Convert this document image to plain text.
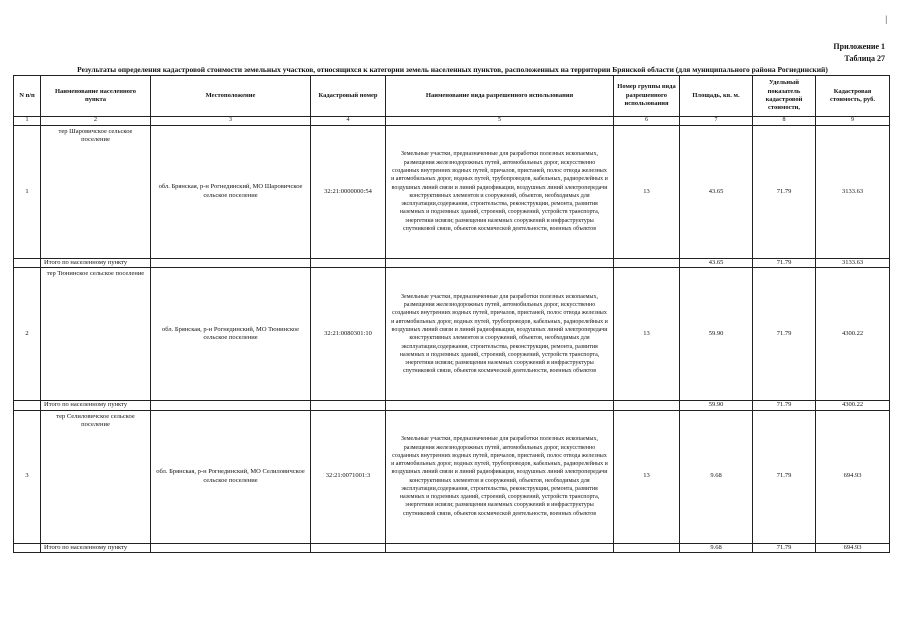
|
Приложение 1
Таблица 27
Результаты определения кадастровой стоимости земельных участков, относящихся к категории земель населенных пунктов, расположенных на территории Брянской области (для муниципального района Рогнединский)
N п/п	Наименование населенного пункта	Местоположение	Кадастровый номер	Наименование вида разрешенного использования	Номер группы вида разрешенного использования	Площадь, кв. м.	Удельный показатель кадастровой стоимости,	Кадастровая стоимость, руб.
1	2	3	4	5	6	7	8	9
1	тер Шаровичское сельское поселение	обл. Брянская, р-н Рогнединский, МО Шаровичское сельское поселение	32:21:0000000:54	Земельные участки, предназначенные для разработки полезных ископаемых, размещения железнодорожных путей, автомобильных дорог, искусственно созданных внутренних водных путей, причалов, пристаней, полос отвода железных и автомобильных дорог, водных путей, трубопроводов, кабельных, радиорелейных и воздушных линий связи и линий радиофикации, воздушных линий электропередачи конструктивных элементов и сооружений, объектов, необходимых для эксплуатации,содержания, строительства, реконструкции, ремонта, развития наземных и подземных зданий, строений, сооружений, устройств транспорта, энергетики исвязи; размещения наземных сооружений и инфраструктуры спутниковой связи, объектов космической деятельности, военных объектов	13	43.65	71.79	3133.63
	Итого по населенному пункту					43.65	71.79	3133.63
2	тер Тюнинское сельское поселение	обл. Брянская, р-н Рогнединский, МО Тюнинское сельское поселение	32:21:0080301:10	Земельные участки, предназначенные для разработки полезных ископаемых, размещения железнодорожных путей, автомобильных дорог, искусственно созданных внутренних водных путей, причалов, пристаней, полос отвода железных и автомобильных дорог, водных путей, трубопроводов, кабельных, радиорелейных и воздушных линий связи и линий радиофикации, воздушных линий электропередачи конструктивных элементов и сооружений, объектов, необходимых для эксплуатации,содержания, строительства, реконструкции, ремонта, развития наземных и подземных зданий, строений, сооружений, устройств транспорта, энергетики исвязи; размещения наземных сооружений и инфраструктуры спутниковой связи, объектов космической деятельности, военных объектов	13	59.90	71.79	4300.22
	Итого по населенному пункту					59.90	71.79	4300.22
3	тер Селиловичское сельское поселение	обл. Брянская, р-н Рогнединский, МО Селиловичское сельское поселение	32:21:0071001:3	Земельные участки, предназначенные для разработки полезных ископаемых, размещения железнодорожных путей, автомобильных дорог, искусственно созданных внутренних водных путей, причалов, пристаней, полос отвода железных и автомобильных дорог, водных путей, трубопроводов, кабельных, радиорелейных и воздушных линий связи и линий радиофикации, воздушных линий электропередачи конструктивных элементов и сооружений, объектов, необходимых для эксплуатации,содержания, строительства, реконструкции, ремонта, развития наземных и подземных зданий, строений, сооружений, устройств транспорта, энергетики исвязи; размещения наземных сооружений и инфраструктуры спутниковой связи, объектов космической деятельности, военных объектов	13	9.68	71.79	694.93
	Итого по населенному пункту					9.68	71.79	694.93
